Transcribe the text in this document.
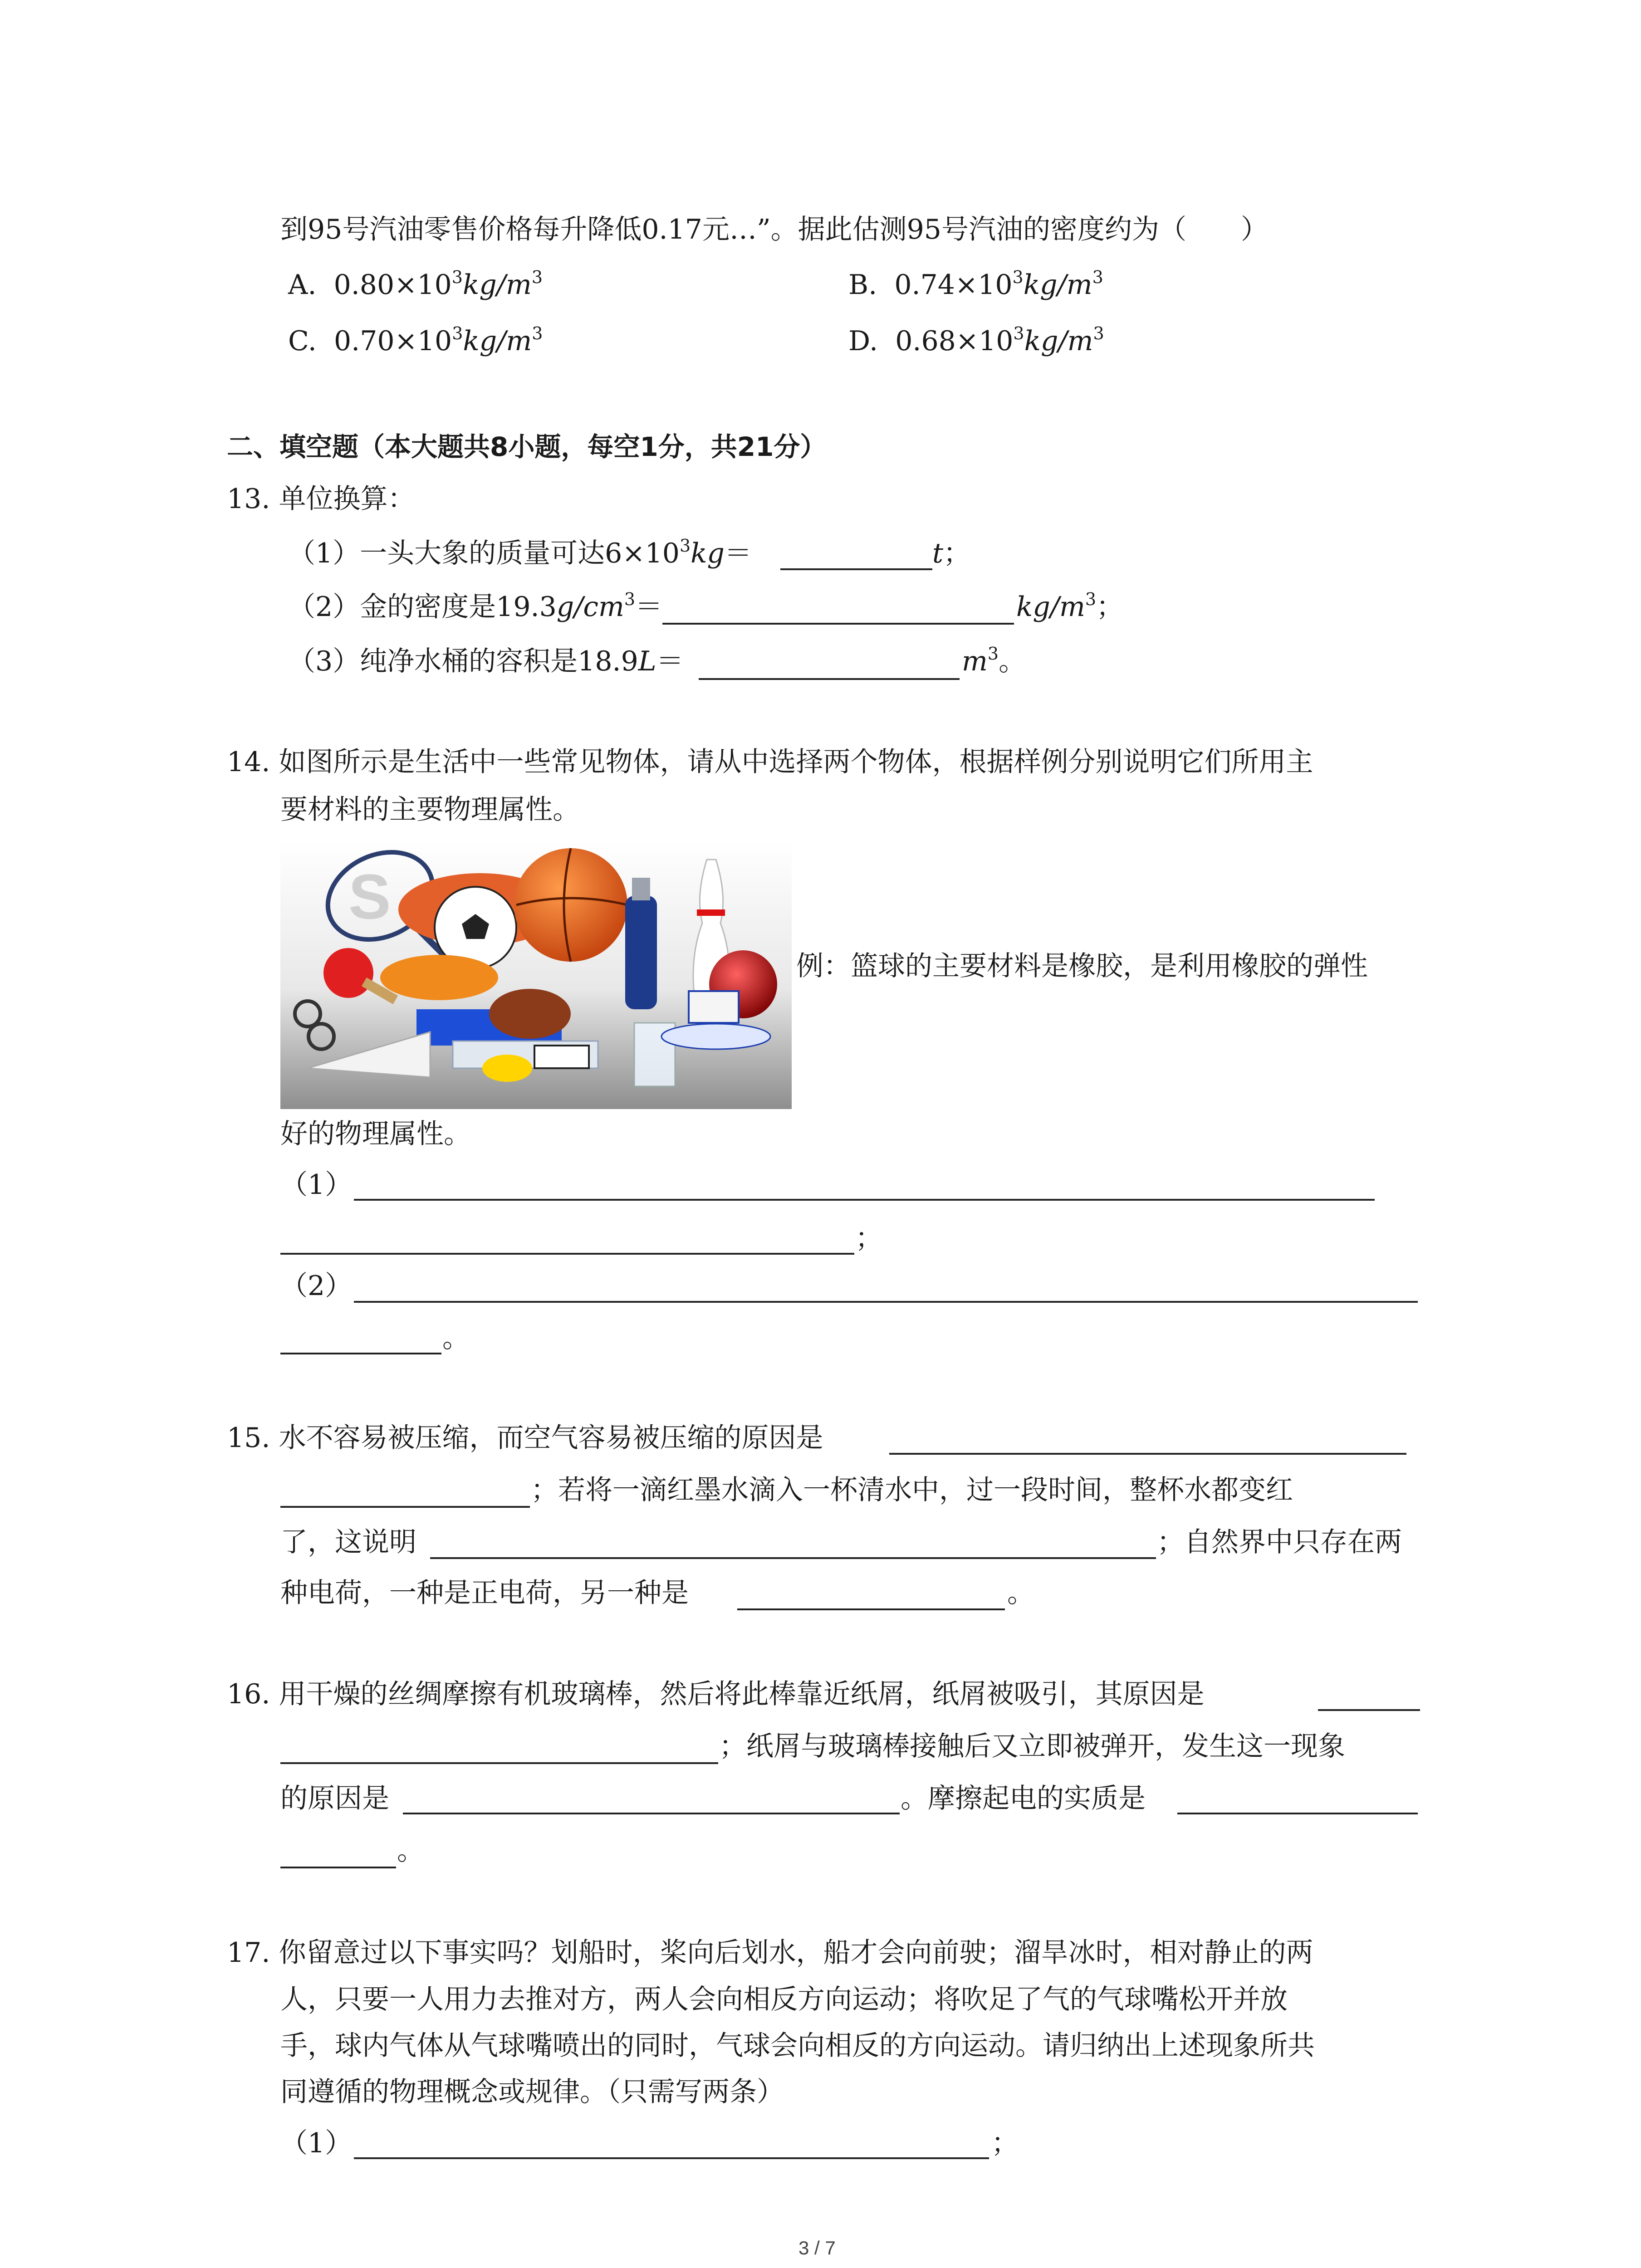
到95号汽油零售价格每升降低0.17元…”。据此估测95号汽油的密度约为（　　）
A. $0.80\times 10^3kg/m^3$	B. $0.74\times 10^3kg/m^3$
C. $0.70\times 10^3kg/m^3$	D. $0.68\times 10^3kg/m^3$
二、填空题（本大题共8小题，每空1分，共21分）
13. 单位换算：
（1）一头大象的质量可达$6\times 10^3kg=$	t；
（2）金的密度是$19.3g/cm^3=$	$kg/m^3$；
（3）纯净水桶的容积是18.9L＝	$m^3$。
14. 如图所示是生活中一些常见物体，请从中选择两个物体，根据样例分别说明它们所用主
要材料的主要物理属性。
S
例：篮球的主要材料是橡胶，是利用橡胶的弹性
好的物理属性。
（1）
；
（2）
。
15. 水不容易被压缩，而空气容易被压缩的原因是
；若将一滴红墨水滴入一杯清水中，过一段时间，整杯水都变红
了，这说明	；自然界中只存在两
种电荷，一种是正电荷，另一种是	。
16. 用干燥的丝绸摩擦有机玻璃棒，然后将此棒靠近纸屑，纸屑被吸引，其原因是
；纸屑与玻璃棒接触后又立即被弹开，发生这一现象
的原因是	。摩擦起电的实质是
。
17. 你留意过以下事实吗？划船时，桨向后划水，船才会向前驶；溜旱冰时，相对静止的两
人，只要一人用力去推对方，两人会向相反方向运动；将吹足了气的气球嘴松开并放
手，球内气体从气球嘴喷出的同时，气球会向相反的方向运动。请归纳出上述现象所共
同遵循的物理概念或规律。（只需写两条）
（1）	；
3 / 7
